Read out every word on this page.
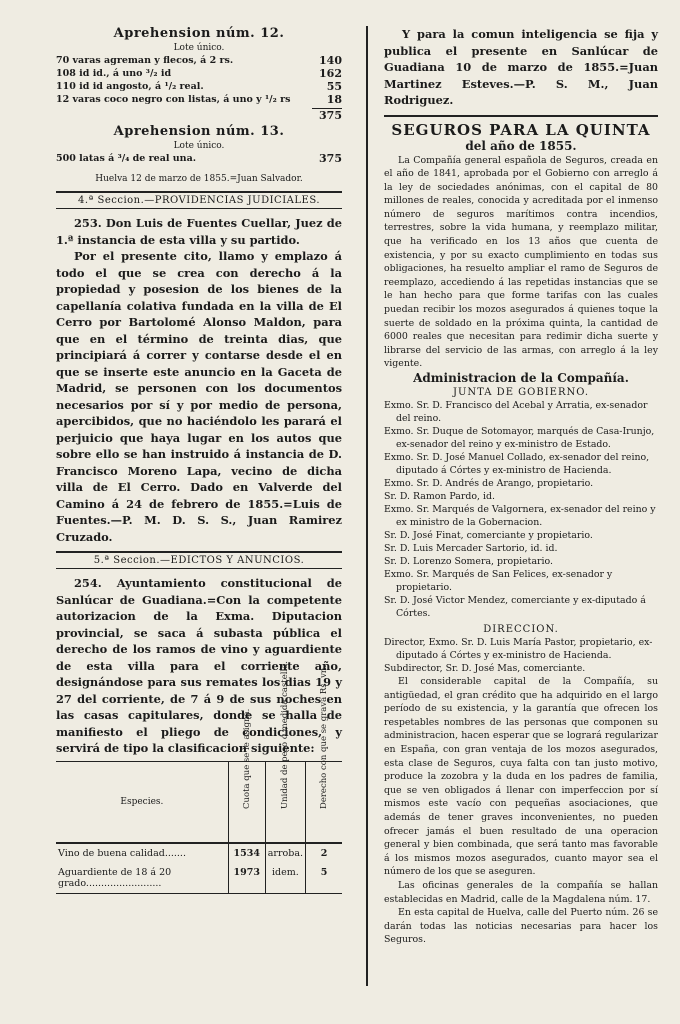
Aprehension núm. 12.
Lote único.
70 varas agreman y flecos, á 2 rs.	140
108 id id., á uno ³/₂ id	162
110 id id angosto, á ¹/₂ real.	55
12 varas coco negro con listas, á uno y ¹/₂ rs	18
375
Aprehension núm. 13.
Lote único.
500 latas á ³/₄ de real una.	375
Huelva 12 de marzo de 1855.=Juan Salvador.
4.ª Seccion.—PROVIDENCIAS JUDICIALES.

253. Don Luis de Fuentes Cuellar, Juez de 1.ª instancia de esta villa y su partido.

Por el presente cito, llamo y emplazo á todo el que se crea con derecho á la propiedad y posesion de los bienes de la capellanía colativa fundada en la villa de El Cerro por Bartolomé Alonso Maldon, para que en el término de treinta dias, que principiará á correr y contarse desde el en que se inserte este anuncio en la Gaceta de Madrid, se personen con los documentos necesarios por sí y por medio de persona, apercibidos, que no haciéndolo les parará el perjuicio que haya lugar en los autos que sobre ello se han instruido á instancia de D. Francisco Moreno Lapa, vecino de dicha villa de El Cerro. Dado en Valverde del Camino á 24 de febrero de 1855.=Luis de Fuentes.—P. M. D. S. S., Juan Ramirez Cruzado.

5.ª Seccion.—EDICTOS Y ANUNCIOS.

254. Ayuntamiento constitucional de Sanlúcar de Guadiana.=Con la competente autorizacion de la Exma. Diputacion provincial, se saca á subasta pública el derecho de los ramos de vino y aguardiente de esta villa para el corriente año, designándose para sus remates los dias 19 y 27 del corriente, de 7 á 9 de sus noches en las casas capitulares, donde se halla de manifiesto el pliego de condiciones, y servirá de tipo la clasificacion siguiente:

Especies.	Cuota que se le asigna.	Unidad de peso ó medida castella.	Derecho con que se grava Rs. vn.
Vino de buena calidad.......	1534	arroba.	2
Aguardiente de 18 á 20 grado.........................	1973	idem.	5

Y para la comun inteligencia se fija y publica el presente en Sanlúcar de Guadiana 10 de marzo de 1855.=Juan Martinez Esteves.—P. S. M., Juan Rodriguez.

SEGUROS PARA LA QUINTA
del año de 1855.

La Compañía general española de Seguros, creada en el año de 1841, aprobada por el Gobierno con arreglo á la ley de sociedades anónimas, con el capital de 80 millones de reales, conocida y acreditada por el inmenso número de seguros marítimos contra incendios, terrestres, sobre la vida humana, y reemplazo militar, que ha verificado en los 13 años que cuenta de existencia, y por su exacto cumplimiento en todas sus obligaciones, ha resuelto ampliar el ramo de Seguros de reemplazo, accediendo á las repetidas instancias que se le han hecho para que forme tarifas con las cuales puedan recibir los mozos asegurados á quienes toque la suerte de soldado en la próxima quinta, la cantidad de 6000 reales que necesitan para redimir dicha suerte y librarse del servicio de las armas, con arreglo á la ley vigente.

Administracion de la Compañía.
JUNTA DE GOBIERNO.
Exmo. Sr. D. Francisco del Acebal y Arratia, ex-senador del reino.
Exmo. Sr. Duque de Sotomayor, marqués de Casa-Irunjo, ex-senador del reino y ex-ministro de Estado.
Exmo. Sr. D. José Manuel Collado, ex-senador del reino, diputado á Córtes y ex-ministro de Hacienda.
Exmo. Sr. D. Andrés de Arango, propietario.
Sr. D. Ramon Pardo, id.
Exmo. Sr. Marqués de Valgornera, ex-senador del reino y ex ministro de la Gobernacion.
Sr. D. José Finat, comerciante y propietario.
Sr. D. Luis Mercader Sartorio, id. id.
Sr. D. Lorenzo Somera, propietario.
Exmo. Sr. Marqués de San Felices, ex-senador y propietario.
Sr. D. José Victor Mendez, comerciante y ex-diputado á Córtes.
DIRECCION.
Director, Exmo. Sr. D. Luis María Pastor, propietario, ex-diputado á Córtes y ex-ministro de Hacienda.
Subdirector, Sr. D. José Mas, comerciante.

El considerable capital de la Compañía, su antigüedad, el gran crédito que ha adquirido en el largo período de su existencia, y la garantía que ofrecen los respetables nombres de las personas que componen su administracion, hacen esperar que se logrará regularizar en España, con gran ventaja de los mozos asegurados, esta clase de Seguros, cuya falta con tan justo motivo, produce la zozobra y la duda en los padres de familia, que se ven obligados á llenar con imperfeccion por sí mismos este vacío con pequeñas asociaciones, que además de tener graves inconvenientes, no pueden ofrecer jamás el buen resultado de una operacion general y bien combinada, que será tanto mas favorable á los mismos mozos asegurados, cuanto mayor sea el número de los que se aseguren.

Las oficinas generales de la compañía se hallan establecidas en Madrid, calle de la Magdalena núm. 17.

En esta capital de Huelva, calle del Puerto núm. 26 se darán todas las noticias necesarias para hacer los Seguros.
